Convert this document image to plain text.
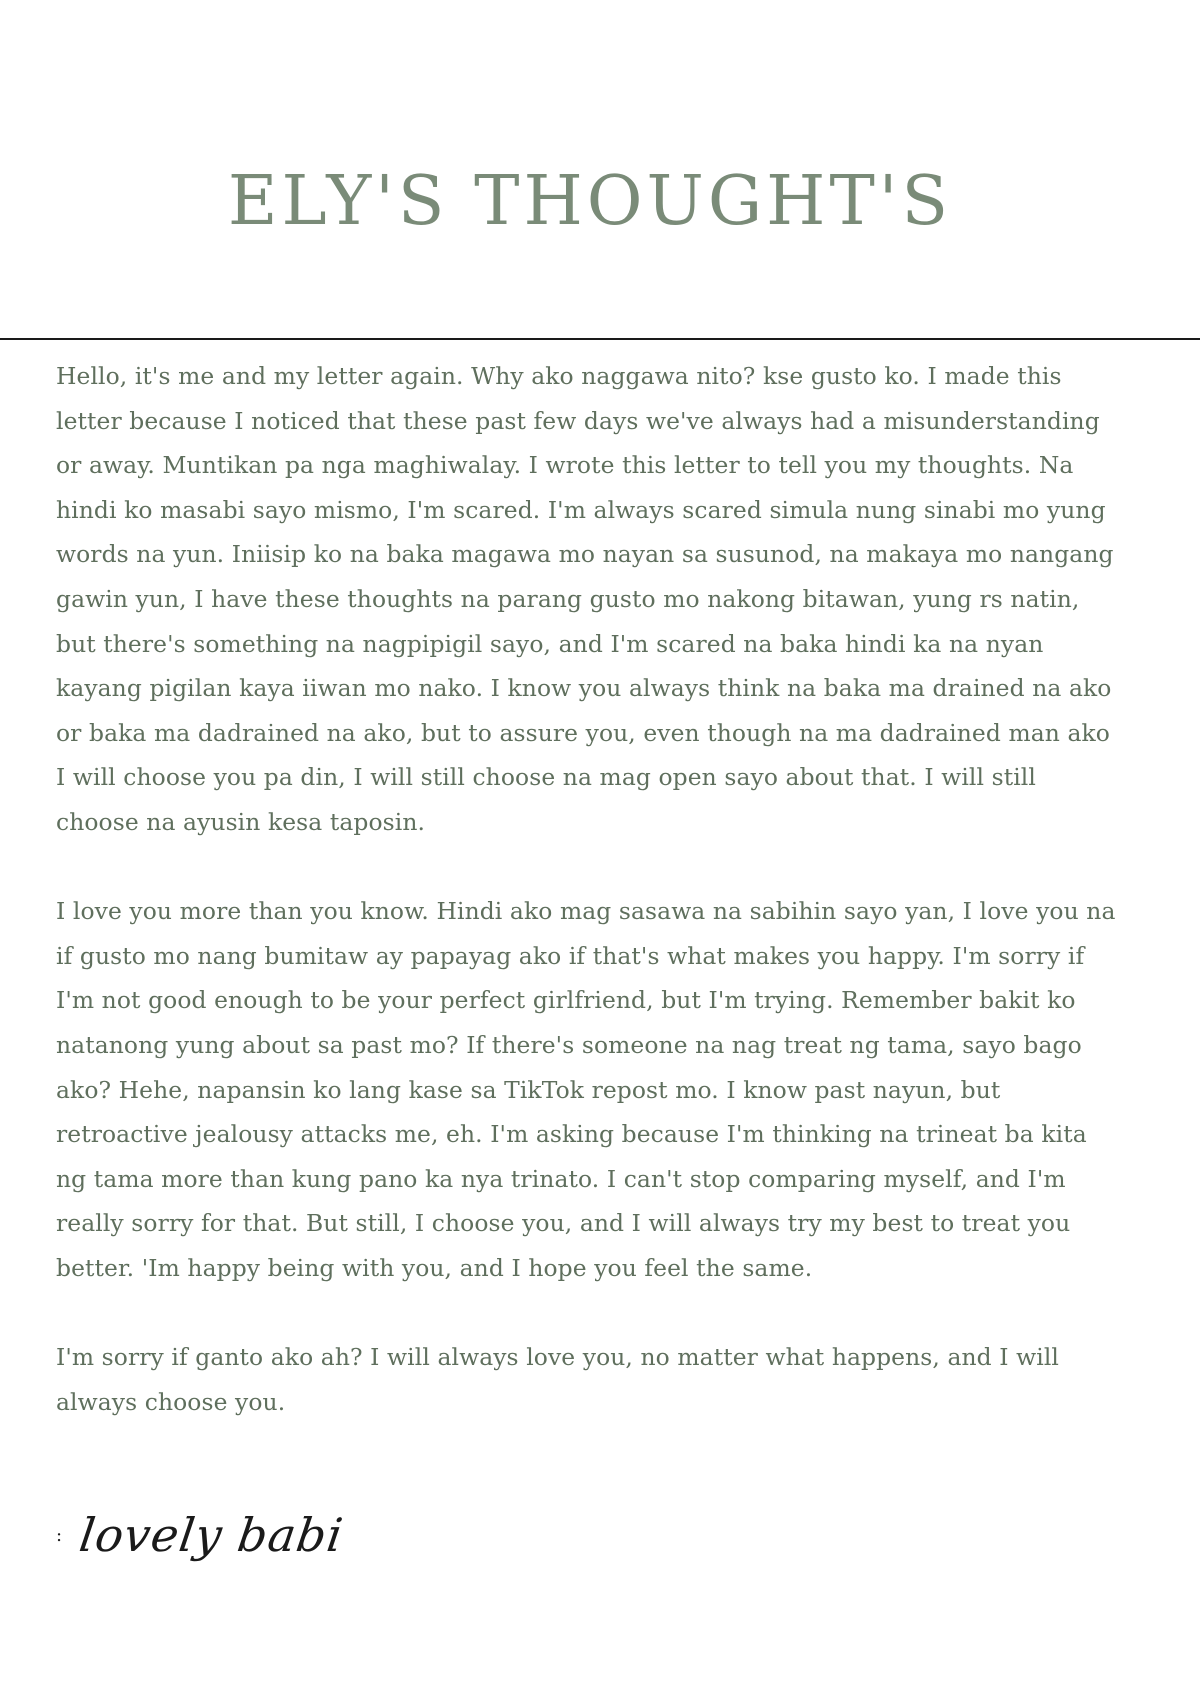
ELY'S THOUGHT'S

Hello, it's me and my letter again. Why ako naggawa nito? kse gusto ko. I made this
letter because I noticed that these past few days we've always had a misunderstanding
or away. Muntikan pa nga maghiwalay. I wrote this letter to tell you my thoughts. Na
hindi ko masabi sayo mismo, I'm scared. I'm always scared simula nung sinabi mo yung
words na yun. Iniisip ko na baka magawa mo nayan sa susunod, na makaya mo nangang
gawin yun, I have these thoughts na parang gusto mo nakong bitawan, yung rs natin,
but there's something na nagpipigil sayo, and I'm scared na baka hindi ka na nyan
kayang pigilan kaya iiwan mo nako. I know you always think na baka ma drained na ako
or baka ma dadrained na ako, but to assure you, even though na ma dadrained man ako
I will choose you pa din, I will still choose na mag open sayo about that. I will still
choose na ayusin kesa taposin.

I love you more than you know. Hindi ako mag sasawa na sabihin sayo yan, I love you na
if gusto mo nang bumitaw ay papayag ako if that's what makes you happy. I'm sorry if
I'm not good enough to be your perfect girlfriend, but I'm trying. Remember bakit ko
natanong yung about sa past mo? If there's someone na nag treat ng tama, sayo bago
ako? Hehe, napansin ko lang kase sa TikTok repost mo. I know past nayun, but
retroactive jealousy attacks me, eh. I'm asking because I'm thinking na trineat ba kita
ng tama more than kung pano ka nya trinato. I can't stop comparing myself, and I'm
really sorry for that. But still, I choose you, and I will always try my best to treat you
better. 'Im happy being with you, and I hope you feel the same.

I'm sorry if ganto ako ah? I will always love you, no matter what happens, and I will
always choose you.

: lovely babi
